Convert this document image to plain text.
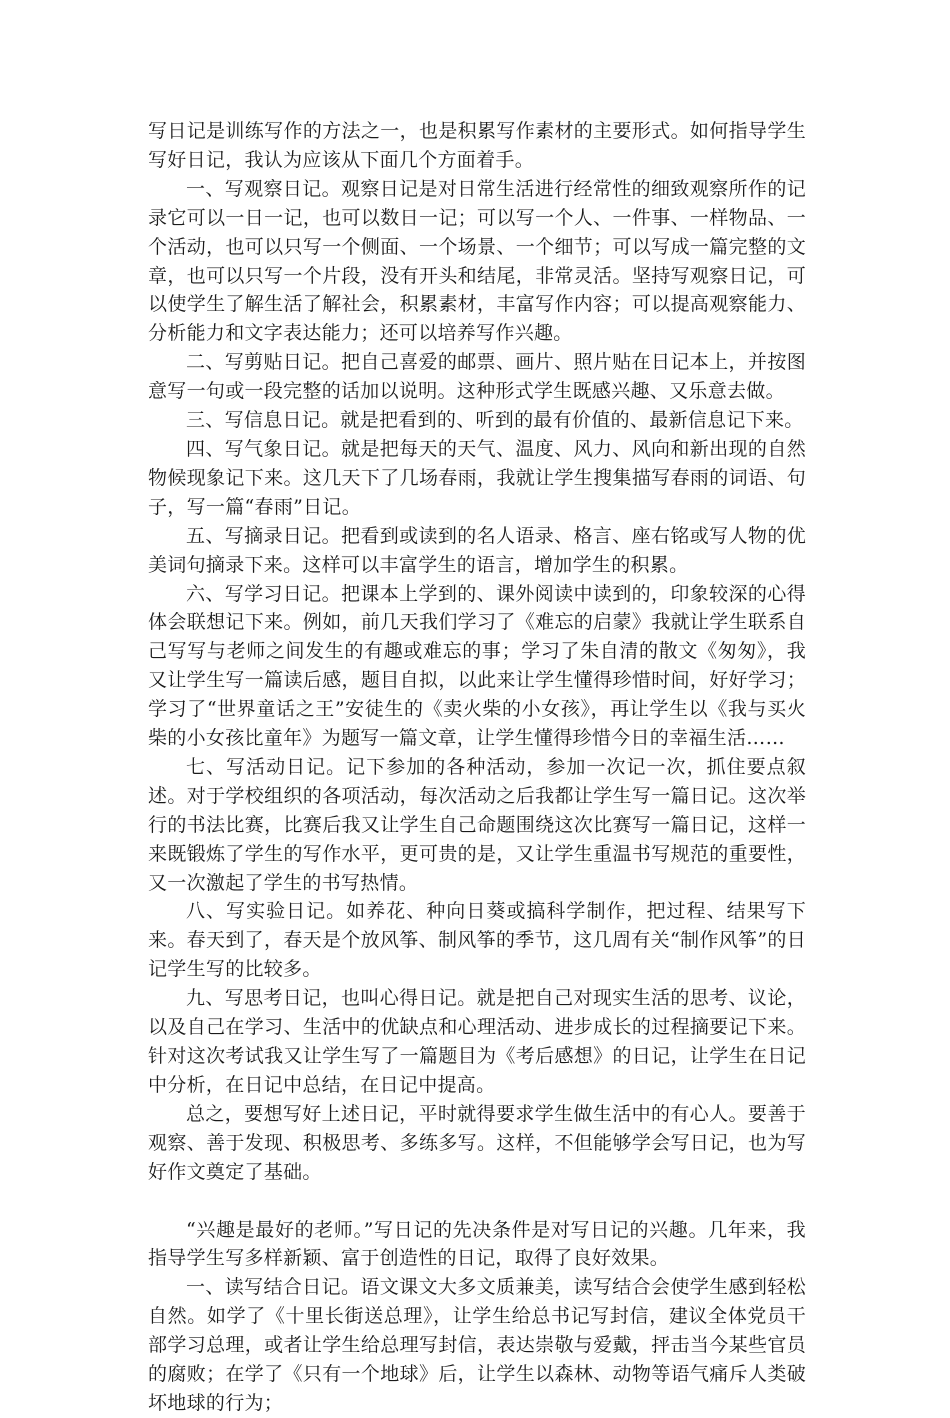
写日记是训练写作的方法之一，也是积累写作素材的主要形式。如何指导学生写好日记，我认为应该从下面几个方面着手。

一、写观察日记。观察日记是对日常生活进行经常性的细致观察所作的记录它可以一日一记，也可以数日一记；可以写一个人、一件事、一样物品、一个活动，也可以只写一个侧面、一个场景、一个细节；可以写成一篇完整的文章，也可以只写一个片段，没有开头和结尾，非常灵活。坚持写观察日记，可以使学生了解生活了解社会，积累素材，丰富写作内容；可以提高观察能力、分析能力和文字表达能力；还可以培养写作兴趣。

二、写剪贴日记。把自己喜爱的邮票、画片、照片贴在日记本上，并按图意写一句或一段完整的话加以说明。这种形式学生既感兴趣、又乐意去做。

三、写信息日记。就是把看到的、听到的最有价值的、最新信息记下来。

四、写气象日记。就是把每天的天气、温度、风力、风向和新出现的自然物候现象记下来。这几天下了几场春雨，我就让学生搜集描写春雨的词语、句子，写一篇“春雨”日记。

五、写摘录日记。把看到或读到的名人语录、格言、座右铭或写人物的优美词句摘录下来。这样可以丰富学生的语言，增加学生的积累。

六、写学习日记。把课本上学到的、课外阅读中读到的，印象较深的心得体会联想记下来。例如，前几天我们学习了《难忘的启蒙》我就让学生联系自己写写与老师之间发生的有趣或难忘的事；学习了朱自清的散文《匆匆》，我又让学生写一篇读后感，题目自拟，以此来让学生懂得珍惜时间，好好学习；学习了“世界童话之王”安徒生的《卖火柴的小女孩》，再让学生以《我与买火柴的小女孩比童年》为题写一篇文章，让学生懂得珍惜今日的幸福生活……

七、写活动日记。记下参加的各种活动，参加一次记一次，抓住要点叙述。对于学校组织的各项活动，每次活动之后我都让学生写一篇日记。这次举行的书法比赛，比赛后我又让学生自己命题围绕这次比赛写一篇日记，这样一来既锻炼了学生的写作水平，更可贵的是，又让学生重温书写规范的重要性，又一次激起了学生的书写热情。

八、写实验日记。如养花、种向日葵或搞科学制作，把过程、结果写下来。春天到了，春天是个放风筝、制风筝的季节，这几周有关“制作风筝”的日记学生写的比较多。

九、写思考日记，也叫心得日记。就是把自己对现实生活的思考、议论，以及自己在学习、生活中的优缺点和心理活动、进步成长的过程摘要记下来。针对这次考试我又让学生写了一篇题目为《考后感想》的日记，让学生在日记中分析，在日记中总结，在日记中提高。

总之，要想写好上述日记，平时就得要求学生做生活中的有心人。要善于观察、善于发现、积极思考、多练多写。这样，不但能够学会写日记，也为写好作文奠定了基础。

“兴趣是最好的老师。”写日记的先决条件是对写日记的兴趣。几年来，我指导学生写多样新颖、富于创造性的日记，取得了良好效果。

一、读写结合日记。语文课文大多文质兼美，读写结合会使学生感到轻松自然。如学了《十里长街送总理》，让学生给总书记写封信，建议全体党员干部学习总理，或者让学生给总理写封信，表达崇敬与爱戴，抨击当今某些官员的腐败；在学了《只有一个地球》后，让学生以森林、动物等语气痛斥人类破坏地球的行为；
